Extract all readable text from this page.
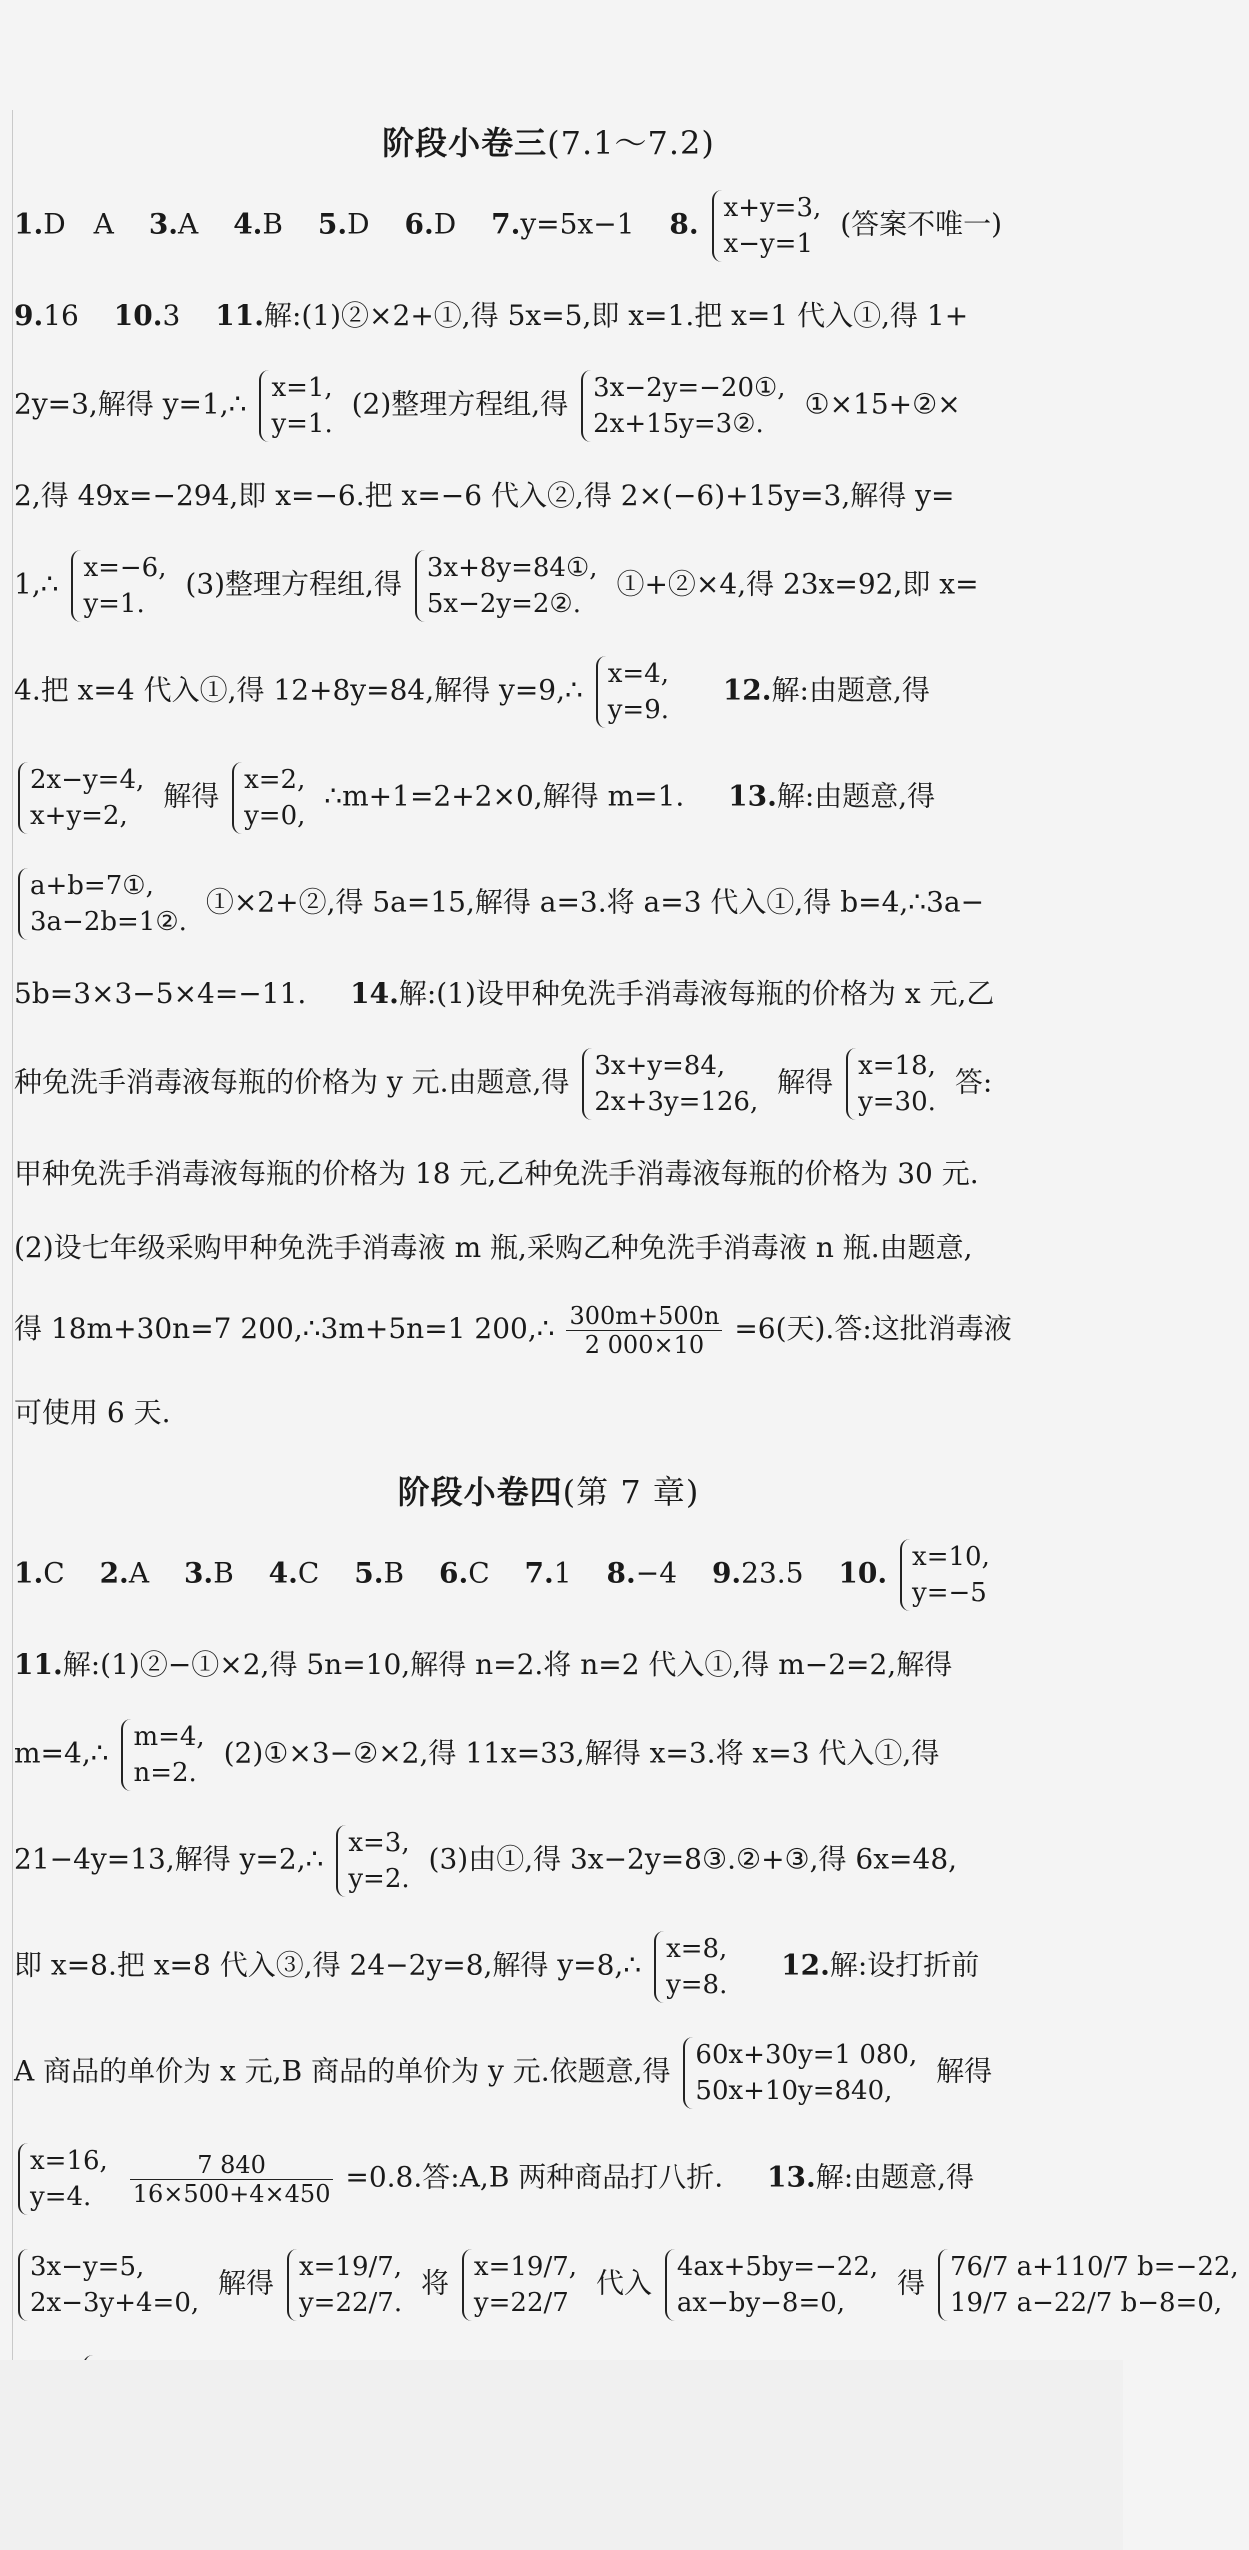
阶段小卷三(7.1～7.2)
1.D　A 3.A 4.B 5.D 6.D 7.y=5x−1 8. x+y=3,
x−y=1
(答案不唯一)
9.16 10.3 11.解:(1)②×2+①,得 5x=5,即 x=1.把 x=1 代入①,得 1+
2y=3,解得 y=1,∴ x=1,
y=1.
(2)整理方程组,得 3x−2y=−20①,
2x+15y=3②.
①×15+②×
2,得 49x=−294,即 x=−6.把 x=−6 代入②,得 2×(−6)+15y=3,解得 y=
1,∴ x=−6,
y=1.
(3)整理方程组,得 3x+8y=84①,
5x−2y=2②.
①+②×4,得 23x=92,即 x=
4.把 x=4 代入①,得 12+8y=84,解得 y=9,∴ x=4,
y=9.
12.解:由题意,得
2x−y=4,
x+y=2,
解得 x=2,
y=0,
∴m+1=2+2×0,解得 m=1. 13.解:由题意,得
a+b=7①,
3a−2b=1②.
①×2+②,得 5a=15,解得 a=3.将 a=3 代入①,得 b=4,∴3a−
5b=3×3−5×4=−11. 14.解:(1)设甲种免洗手消毒液每瓶的价格为 x 元,乙
种免洗手消毒液每瓶的价格为 y 元.由题意,得 3x+y=84,
2x+3y=126,
解得 x=18,
y=30.
答:
甲种免洗手消毒液每瓶的价格为 18 元,乙种免洗手消毒液每瓶的价格为 30 元.
(2)设七年级采购甲种免洗手消毒液 m 瓶,采购乙种免洗手消毒液 n 瓶.由题意,
得 18m+30n=7 200,∴3m+5n=1 200,∴ $\frac{300m+500n}{2 000\times 10} =6$(天).答:这批消毒液
可使用 6 天.
阶段小卷四(第 7 章)
1.C 2.A 3.B 4.C 5.B 6.C 7.1 8.−4 9.23.5 10. x=10,
y=−5
11.解:(1)②−①×2,得 5n=10,解得 n=2.将 n=2 代入①,得 m−2=2,解得
m=4,∴ m=4,
n=2.
(2)①×3−②×2,得 11x=33,解得 x=3.将 x=3 代入①,得
21−4y=13,解得 y=2,∴ x=3,
y=2.
(3)由①,得 3x−2y=8③.②+③,得 6x=48,
即 x=8.把 x=8 代入③,得 24−2y=8,解得 y=8,∴ x=8,
y=8.
12.解:设打折前
A 商品的单价为 x 元,B 商品的单价为 y 元.依题意,得 60x+30y=1 080,
50x+10y=840,
解得
x=16,
y=4.
	$\frac{7 840}{16\times 500+4\times 450} =0.8$.答:A,B 两种商品打八折. 13.解:由题意,得
3x−y=5,
2x−3y+4=0,
解得 x=19/7,
y=22/7.
将 x=19/7,
y=22/7
代入 4ax+5by=−22,
ax−by−8=0,
得 76/7 a+110/7 b=−22,
19/7 a−22/7 b−8=0,
